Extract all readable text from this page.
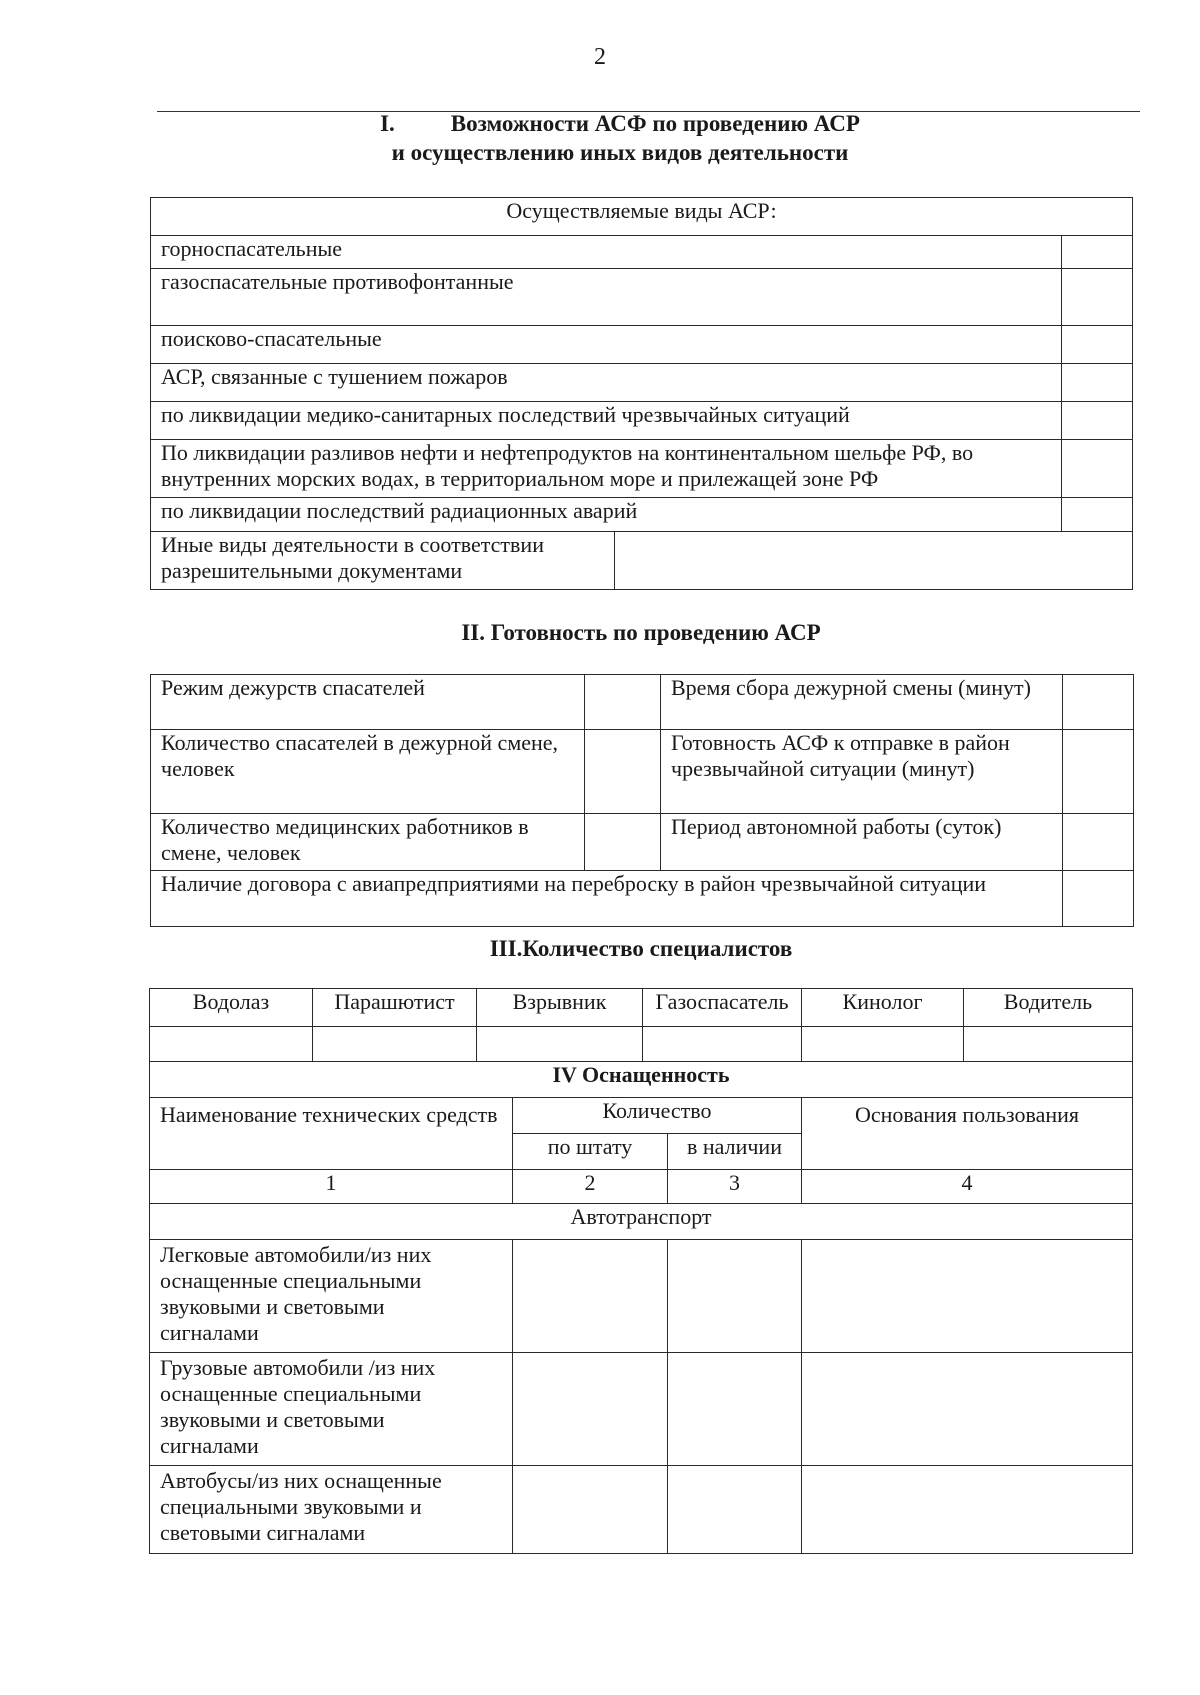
2
I. Возможности АСФ по проведению АСР
и осуществлению иных видов деятельности
Осуществляемые виды АСР:		
горноспасательные		
газоспасательные противофонтанные		
поисково-спасательные		
АСР, связанные с тушением пожаров		
по ликвидации медико-санитарных последствий чрезвычайных ситуаций		
По ликвидации разливов нефти и нефтепродуктов на континентальном шельфе РФ, во внутренних морских водах, в территориальном море и прилежащей зоне РФ		
по ликвидации последствий радиационных аварий		
Иные виды деятельности в соответствии разрешительными документами		
II. Готовность по проведению АСР
Режим дежурств спасателей		Время сбора дежурной смены (минут)	
Количество спасателей в дежурной смене, человек		Готовность АСФ к отправке в район чрезвычайной ситуации (минут)	
Количество медицинских работников в смене, человек		Период автономной работы (суток)	
Наличие договора с авиапредприятиями на переброску в район чрезвычайной ситуации			
III.Количество специалистов
Водолаз	Парашютист	Взрывник		Газоспасатель		Кинолог	Водитель

IV Оснащенность							
Наименование технических средств			Количество			Основания пользования	
			по штату		в наличии		
1			2		3	4	
Автотранспорт							
Легковые автомобили/из них оснащенные специальными звуковыми и световыми сигналами							
Грузовые автомобили /из них оснащенные специальными звуковыми и световыми сигналами							
Автобусы/из них оснащенные специальными звуковыми и световыми сигналами							
